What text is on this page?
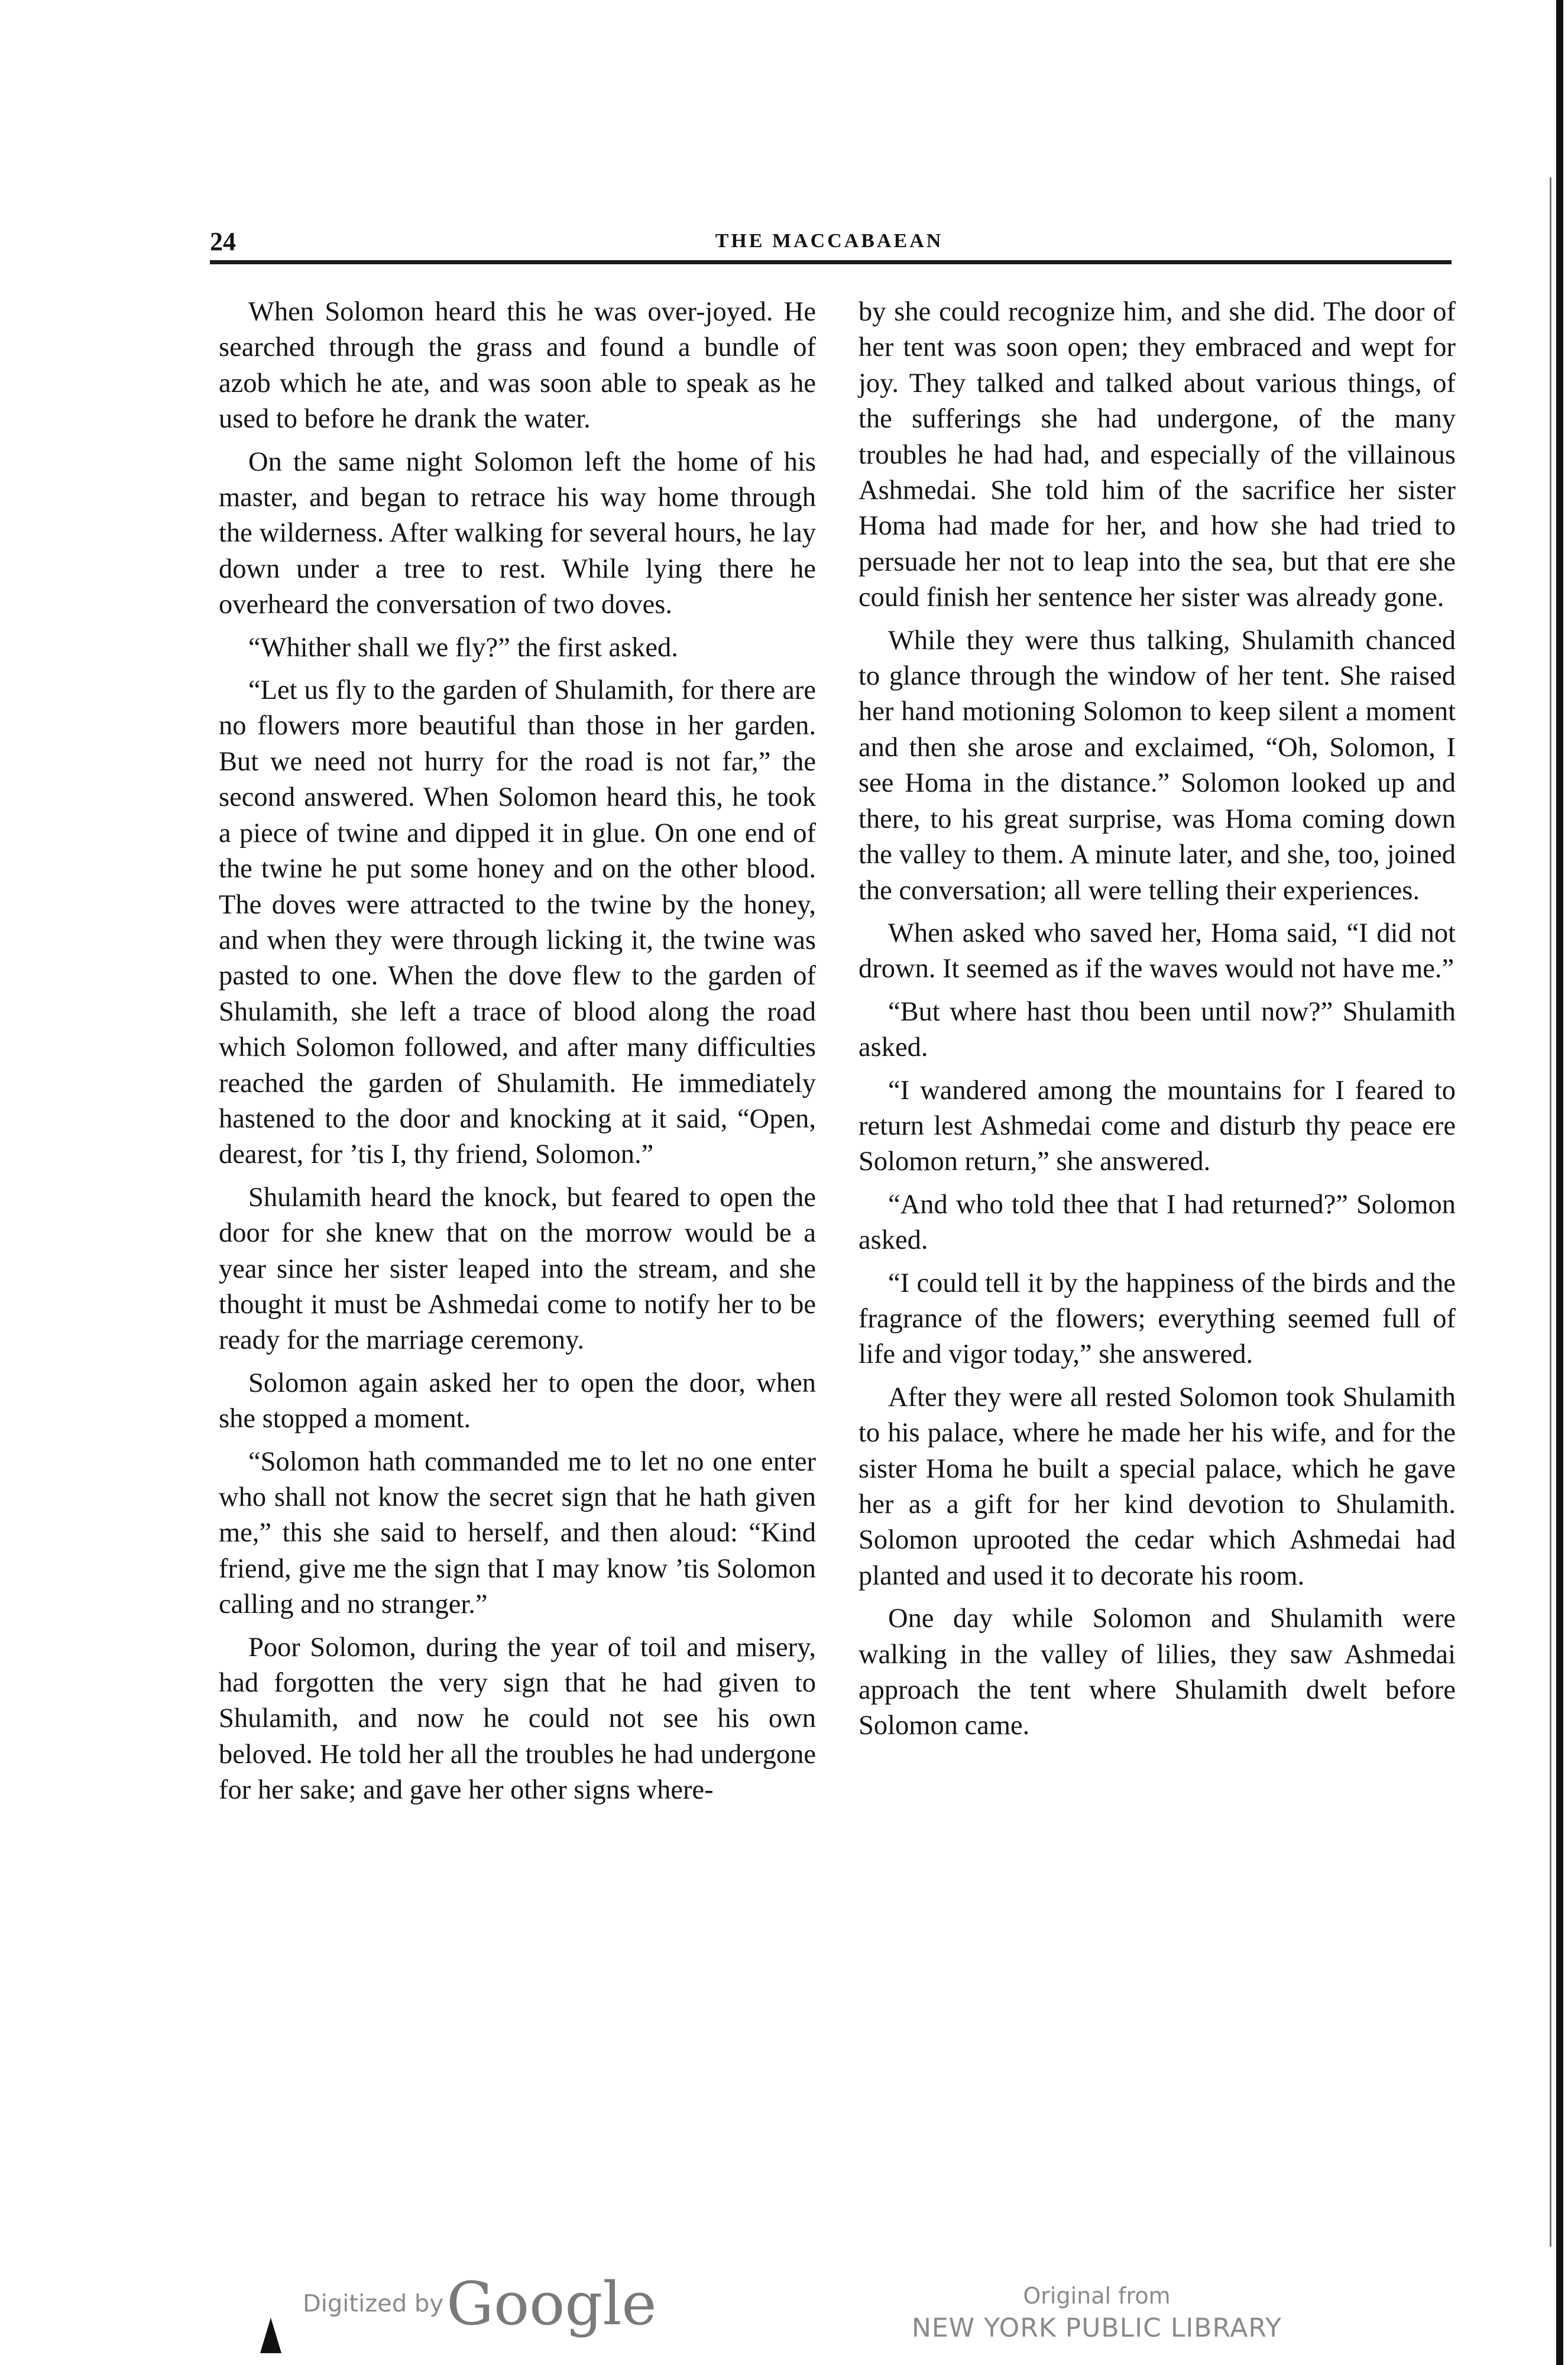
24	THE MACCABAEAN

When Solomon heard this he was over-joyed. He searched through the grass and found a bundle of azob which he ate, and was soon able to speak as he used to before he drank the water.

On the same night Solomon left the home of his master, and began to retrace his way home through the wilderness. After walking for several hours, he lay down under a tree to rest. While lying there he overheard the conversation of two doves.

“Whither shall we fly?” the first asked.

“Let us fly to the garden of Shulamith, for there are no flowers more beautiful than those in her garden. But we need not hurry for the road is not far,” the second answered. When Solomon heard this, he took a piece of twine and dipped it in glue. On one end of the twine he put some honey and on the other blood. The doves were attracted to the twine by the honey, and when they were through licking it, the twine was pasted to one. When the dove flew to the garden of Shulamith, she left a trace of blood along the road which Solomon followed, and after many difficulties reached the garden of Shulamith. He immediately hastened to the door and knocking at it said, “Open, dearest, for ’tis I, thy friend, Solomon.”

Shulamith heard the knock, but feared to open the door for she knew that on the morrow would be a year since her sister leaped into the stream, and she thought it must be Ashmedai come to notify her to be ready for the marriage ceremony.

Solomon again asked her to open the door, when she stopped a moment.

“Solomon hath commanded me to let no one enter who shall not know the secret sign that he hath given me,” this she said to herself, and then aloud: “Kind friend, give me the sign that I may know ’tis Solomon calling and no stranger.”

Poor Solomon, during the year of toil and misery, had forgotten the very sign that he had given to Shulamith, and now he could not see his own beloved. He told her all the troubles he had undergone for her sake; and gave her other signs where-

by she could recognize him, and she did. The door of her tent was soon open; they embraced and wept for joy. They talked and talked about various things, of the sufferings she had undergone, of the many troubles he had had, and especially of the villainous Ashmedai. She told him of the sacrifice her sister Homa had made for her, and how she had tried to persuade her not to leap into the sea, but that ere she could finish her sentence her sister was already gone.

While they were thus talking, Shulamith chanced to glance through the window of her tent. She raised her hand motioning Solomon to keep silent a moment and then she arose and exclaimed, “Oh, Solomon, I see Homa in the distance.” Solomon looked up and there, to his great surprise, was Homa coming down the valley to them. A minute later, and she, too, joined the conversation; all were telling their experiences.

When asked who saved her, Homa said, “I did not drown. It seemed as if the waves would not have me.”

“But where hast thou been until now?” Shulamith asked.

“I wandered among the mountains for I feared to return lest Ashmedai come and disturb thy peace ere Solomon return,” she answered.

“And who told thee that I had returned?” Solomon asked.

“I could tell it by the happiness of the birds and the fragrance of the flowers; everything seemed full of life and vigor today,” she answered.

After they were all rested Solomon took Shulamith to his palace, where he made her his wife, and for the sister Homa he built a special palace, which he gave her as a gift for her kind devotion to Shulamith. Solomon uprooted the cedar which Ashmedai had planted and used it to decorate his room.

One day while Solomon and Shulamith were walking in the valley of lilies, they saw Ashmedai approach the tent where Shulamith dwelt before Solomon came.

Digitized by Google	Original from
NEW YORK PUBLIC LIBRARY
